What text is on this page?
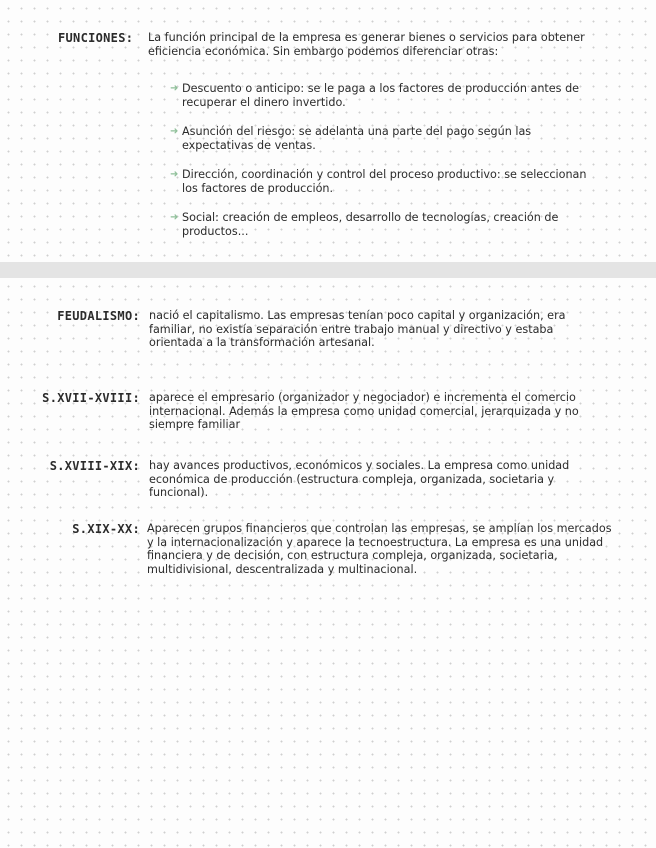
FUNCIONES: La función principal de la empresa es generar bienes o servicios para obtener eficiencia económica. Sin embargo podemos diferenciar otras:
➜ Descuento o anticipo: se le paga a los factores de producción antes de recuperar el dinero invertido.
➜ Asunción del riesgo: se adelanta una parte del pago según las expectativas de ventas.
➜ Dirección, coordinación y control del proceso productivo: se seleccionan los factores de producción.
➜ Social: creación de empleos, desarrollo de tecnologías, creación de productos...
FEUDALISMO: nació el capitalismo. Las empresas tenían poco capital y organización, era familiar, no existía separación entre trabajo manual y directivo y estaba orientada a la transformación artesanal.
S.XVII-XVIII: aparece el empresario (organizador y negociador) e incrementa el comercio internacional. Además la empresa como unidad comercial, jerarquizada y no siempre familiar
S.XVIII-XIX: hay avances productivos, económicos y sociales. La empresa como unidad económica de producción (estructura compleja, organizada, societaria y funcional).
S.XIX-XX: Aparecen grupos financieros que controlan las empresas, se amplían los mercados y la internacionalización y aparece la tecnoestructura. La empresa es una unidad financiera y de decisión, con estructura compleja, organizada, societaria, multidivisional, descentralizada y multinacional.
